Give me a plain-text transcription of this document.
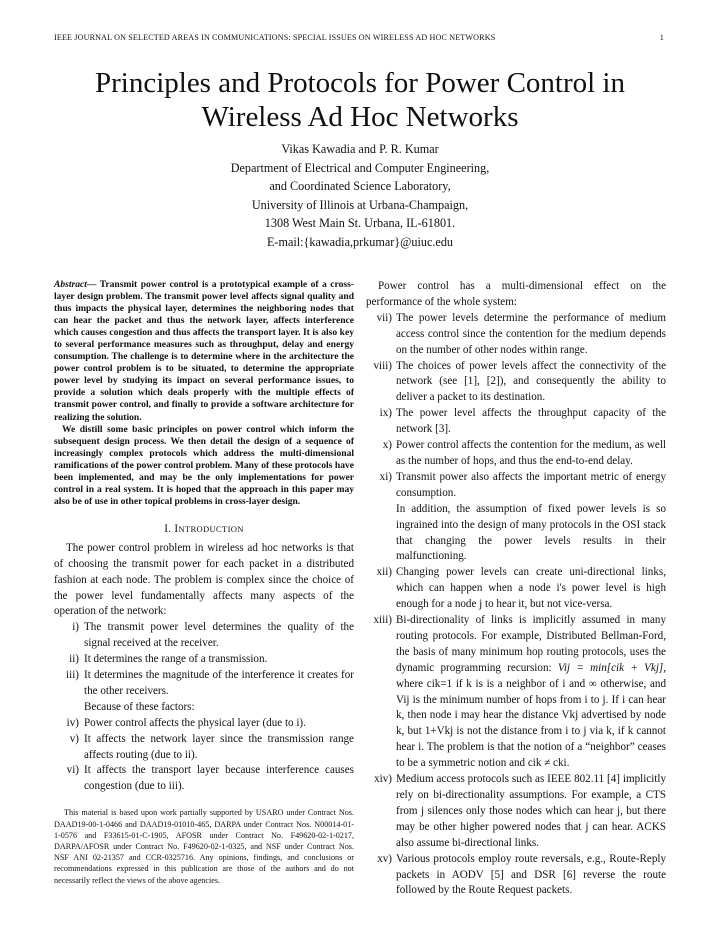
IEEE JOURNAL ON SELECTED AREAS IN COMMUNICATIONS: SPECIAL ISSUES ON WIRELESS AD HOC NETWORKS	1
Principles and Protocols for Power Control in
Wireless Ad Hoc Networks
Vikas Kawadia and P. R. Kumar
Department of Electrical and Computer Engineering,
and Coordinated Science Laboratory,
University of Illinois at Urbana-Champaign,
1308 West Main St. Urbana, IL-61801.
E-mail:{kawadia,prkumar}@uiuc.edu

Abstract— Transmit power control is a prototypical example of a cross-layer design problem. The transmit power level affects signal quality and thus impacts the physical layer, determines the neighboring nodes that can hear the packet and thus the network layer, affects interference which causes congestion and thus affects the transport layer. It is also key to several performance measures such as throughput, delay and energy consumption. The challenge is to determine where in the architecture the power control problem is to be situated, to determine the appropriate power level by studying its impact on several performance issues, to provide a solution which deals properly with the multiple effects of transmit power control, and finally to provide a software architecture for realizing the solution.

We distill some basic principles on power control which inform the subsequent design process. We then detail the design of a sequence of increasingly complex protocols which address the multi-dimensional ramifications of the power control problem. Many of these protocols have been implemented, and may be the only implementations for power control in a real system. It is hoped that the approach in this paper may also be of use in other topical problems in cross-layer design.

I. INTRODUCTION

The power control problem in wireless ad hoc networks is that of choosing the transmit power for each packet in a distributed fashion at each node. The problem is complex since the choice of the power level fundamentally affects many aspects of the operation of the network:

i) The transmit power level determines the quality of the signal received at the receiver.
ii) It determines the range of a transmission.
iii) It determines the magnitude of the interference it creates for the other receivers.

Because of these factors:

iv) Power control affects the physical layer (due to i).
v) It affects the network layer since the transmission range affects routing (due to ii).
vi) It affects the transport layer because interference causes congestion (due to iii).

This material is based upon work partially supported by USARO under Contract Nos. DAAD19-00-1-0466 and DAAD19-01010-465, DARPA under Contract Nos. N00014-01-1-0576 and F33615-01-C-1905, AFOSR under Contract No. F49620-02-1-0217, DARPA/AFOSR under Contract No. F49620-02-1-0325, and NSF under Contract Nos. NSF ANI 02-21357 and CCR-0325716. Any opinions, findings, and conclusions or recommendations expressed in this publication are those of the authors and do not necessarily reflect the views of the above agencies.

Power control has a multi-dimensional effect on the performance of the whole system:

vii) The power levels determine the performance of medium access control since the contention for the medium depends on the number of other nodes within range.
viii) The choices of power levels affect the connectivity of the network (see [1], [2]), and consequently the ability to deliver a packet to its destination.
ix) The power level affects the throughput capacity of the network [3].
x) Power control affects the contention for the medium, as well as the number of hops, and thus the end-to-end delay.
xi) Transmit power also affects the important metric of energy consumption.
In addition, the assumption of fixed power levels is so ingrained into the design of many protocols in the OSI stack that changing the power levels results in their malfunctioning.
xii) Changing power levels can create uni-directional links, which can happen when a node i's power level is high enough for a node j to hear it, but not vice-versa.
xiii) Bi-directionality of links is implicitly assumed in many routing protocols. For example, Distributed Bellman-Ford, the basis of many minimum hop routing protocols, uses the dynamic programming recursion: Vij = min[cik + Vkj], where cik=1 if k is is a neighbor of i and ∞ otherwise, and Vij is the minimum number of hops from i to j. If i can hear k, then node i may hear the distance Vkj advertised by node k, but 1+Vkj is not the distance from i to j via k, if k cannot hear i. The problem is that the notion of a “neighbor” ceases to be a symmetric notion and cik ≠ cki.
xiv) Medium access protocols such as IEEE 802.11 [4] implicitly rely on bi-directionality assumptions. For example, a CTS from j silences only those nodes which can hear j, but there may be other higher powered nodes that j can hear. ACKS also assume bi-directional links.
xv) Various protocols employ route reversals, e.g., Route-Reply packets in AODV [5] and DSR [6] reverse the route followed by the Route Request packets.
